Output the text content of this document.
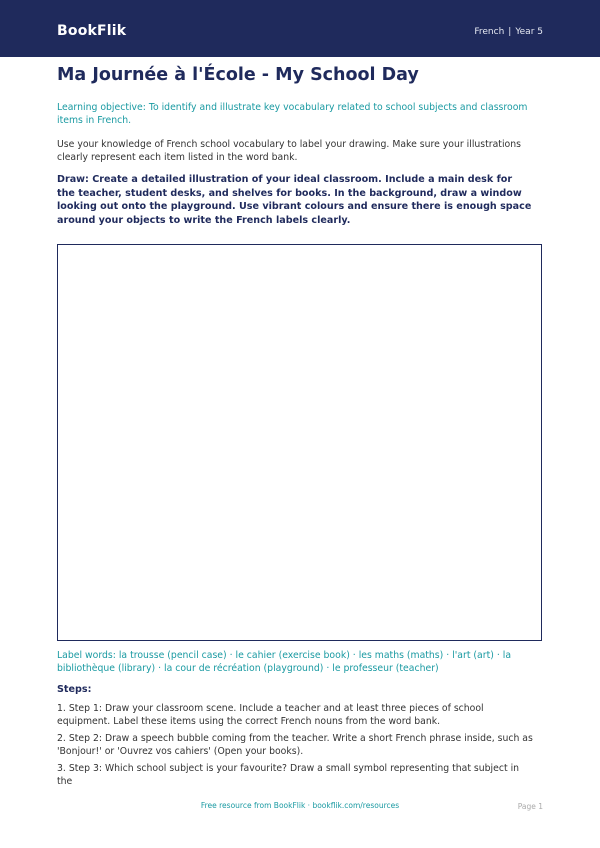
BookFlik	French | Year 5
Ma Journée à l'École - My School Day
Learning objective: To identify and illustrate key vocabulary related to school subjects and classroom items in French.
Use your knowledge of French school vocabulary to label your drawing. Make sure your illustrations clearly represent each item listed in the word bank.
Draw: Create a detailed illustration of your ideal classroom. Include a main desk for the teacher, student desks, and shelves for books. In the background, draw a window looking out onto the playground. Use vibrant colours and ensure there is enough space around your objects to write the French labels clearly.
Label words: la trousse (pencil case) · le cahier (exercise book) · les maths (maths) · l'art (art) · la bibliothèque (library) · la cour de récréation (playground) · le professeur (teacher)
Steps:
1. Step 1: Draw your classroom scene. Include a teacher and at least three pieces of school equipment. Label these items using the correct French nouns from the word bank.
2. Step 2: Draw a speech bubble coming from the teacher. Write a short French phrase inside, such as 'Bonjour!' or 'Ouvrez vos cahiers' (Open your books).
3. Step 3: Which school subject is your favourite? Draw a small symbol representing that subject in the
Free resource from BookFlik · bookflik.com/resources	Page 1
